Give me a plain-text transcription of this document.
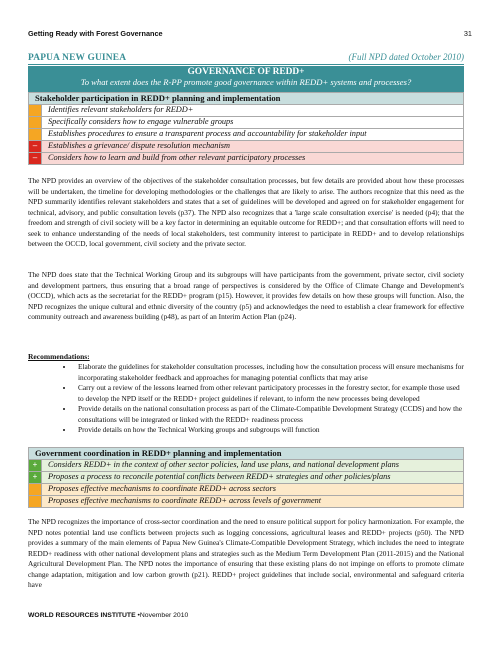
Getting Ready with Forest Governance	31
PAPUA NEW GUINEA	(Full NPD dated October 2010)
GOVERNANCE OF REDD+
To what extent does the R-PP promote good governance within REDD+ systems and processes?
Stakeholder participation in REDD+ planning and implementation	
	Identifies relevant stakeholders for REDD+
	Specifically considers how to engage vulnerable groups
	Establishes procedures to ensure a transparent process and accountability for stakeholder input
–	Establishes a grievance/ dispute resolution mechanism
–	Considers how to learn and build from other relevant participatory processes
The NPD provides an overview of the objectives of the stakeholder consultation processes, but few details are provided about how these processes will be undertaken, the timeline for developing methodologies or the challenges that are likely to arise. The authors recognize that this need as the NPD summarily identifies relevant stakeholders and states that a set of guidelines will be developed and agreed on for stakeholder engagement for technical, advisory, and public consultation levels (p37). The NPD also recognizes that a 'large scale consultation exercise' is needed (p4); that the freedom and strength of civil society will be a key factor in determining an equitable outcome for REDD+; and that consultation efforts will need to seek to enhance understanding of the needs of local stakeholders, test community interest to participate in REDD+ and to develop relationships between the OCCD, local government, civil society and the private sector.
The NPD does state that the Technical Working Group and its subgroups will have participants from the government, private sector, civil society and development partners, thus ensuring that a broad range of perspectives is considered by the Office of Climate Change and Development's (OCCD), which acts as the secretariat for the REDD+ program (p15). However, it provides few details on how these groups will function. Also, the NPD recognizes the unique cultural and ethnic diversity of the country (p5) and acknowledges the need to establish a clear framework for effective community outreach and awareness building (p48), as part of an Interim Action Plan (p24).
Recommendations:
• Elaborate the guidelines for stakeholder consultation processes, including how the consultation process will ensure mechanisms for incorporating stakeholder feedback and approaches for managing potential conflicts that may arise
• Carry out a review of the lessons learned from other relevant participatory processes in the forestry sector, for example those used to develop the NPD itself or the REDD+ project guidelines if relevant, to inform the new processes being developed
• Provide details on the national consultation process as part of the Climate-Compatible Development Strategy (CCDS) and how the consultations will be integrated or linked with the REDD+ readiness process
• Provide details on how the Technical Working groups and subgroups will function
Government coordination in REDD+ planning and implementation	
+	Considers REDD+ in the context of other sector policies, land use plans, and national development plans
+	Proposes a process to reconcile potential conflicts between REDD+ strategies and other policies/plans
	Proposes effective mechanisms to coordinate REDD+ across sectors
	Proposes effective mechanisms to coordinate REDD+ across levels of government
The NPD recognizes the importance of cross-sector coordination and the need to ensure political support for policy harmonization. For example, the NPD notes potential land use conflicts between projects such as logging concessions, agricultural leases and REDD+ projects (p50). The NPD provides a summary of the main elements of Papua New Guinea's Climate-Compatible Development Strategy, which includes the need to integrate REDD+ readiness with other national development plans and strategies such as the Medium Term Development Plan (2011-2015) and the National Agricultural Development Plan. The NPD notes the importance of ensuring that these existing plans do not impinge on efforts to promote climate change adaptation, mitigation and low carbon growth (p21). REDD+ project guidelines that include social, environmental and safeguard criteria have
WORLD RESOURCES INSTITUTE •November 2010
